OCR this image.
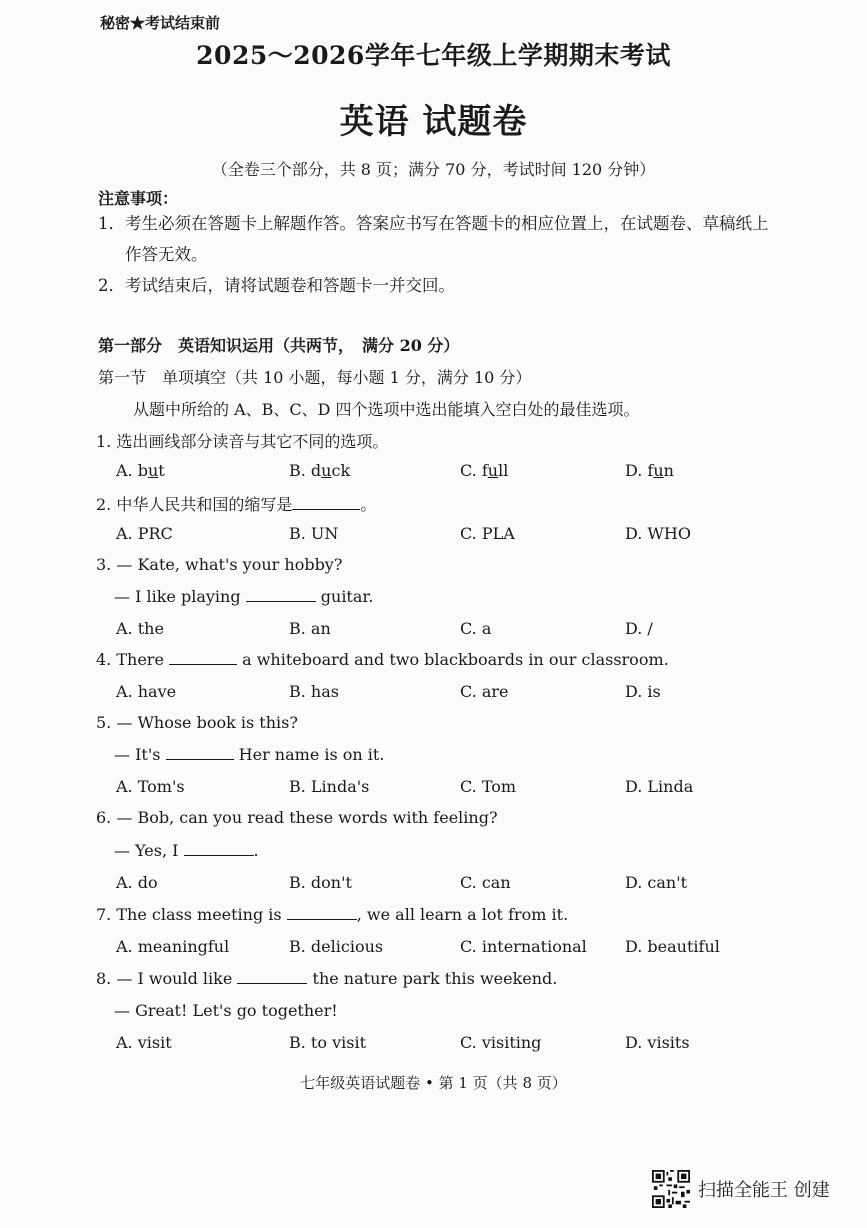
秘密★考试结束前
2025～2026学年七年级上学期期末考试
英语 试题卷
（全卷三个部分，共 8 页；满分 70 分，考试时间 120 分钟）
注意事项：
1．考生必须在答题卡上解题作答。答案应书写在答题卡的相应位置上，在试题卷、草稿纸上
作答无效。
2．考试结束后，请将试题卷和答题卡一并交回。
第一部分　英语知识运用（共两节，　满分 20 分）
第一节　单项填空（共 10 小题，每小题 1 分，满分 10 分）
从题中所给的 A、B、C、D 四个选项中选出能填入空白处的最佳选项。
1. 选出画线部分读音与其它不同的选项。
A. but	B. duck	C. full	D. fun
2. 中华人民共和国的缩写是	。
A. PRC	B. UN	C. PLA	D. WHO
3. — Kate, what's your hobby?
— I like playing	guitar.
A. the	B. an	C. a	D. /
4. There	a whiteboard and two blackboards in our classroom.
A. have	B. has	C. are	D. is
5. — Whose book is this?
— It's	Her name is on it.
A. Tom's	B. Linda's	C. Tom	D. Linda
6. — Bob, can you read these words with feeling?
— Yes, I	.
A. do	B. don't	C. can	D. can't
7. The class meeting is	, we all learn a lot from it.
A. meaningful	B. delicious	C. international D. beautiful
8. — I would like	the nature park this weekend.
— Great! Let's go together!
A. visit	B. to visit	C. visiting	D. visits
七年级英语试题卷 • 第 1 页（共 8 页）
扫描全能王 创建
